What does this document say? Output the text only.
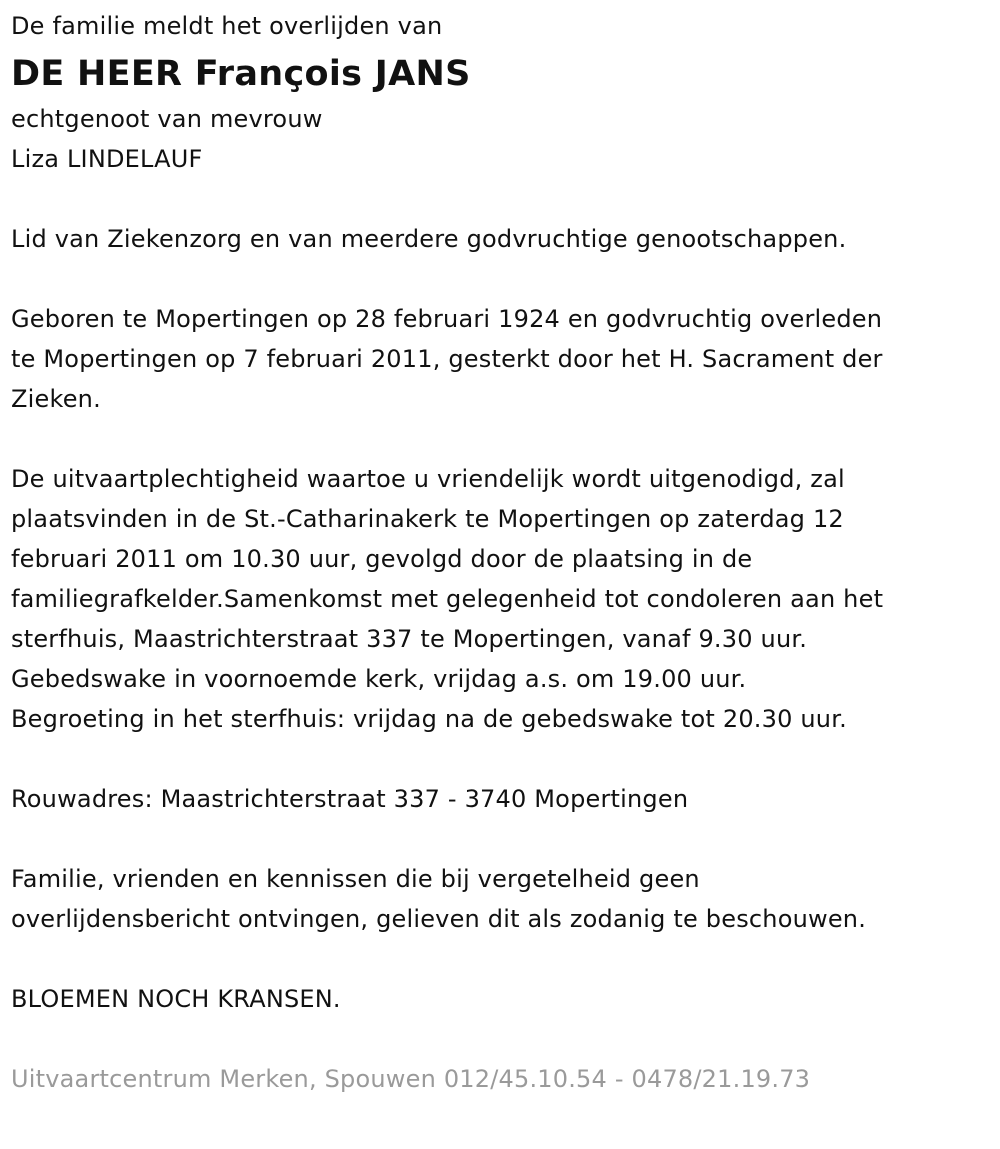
De familie meldt het overlijden van

DE HEER François JANS

echtgenoot van mevrouw

Liza LINDELAUF

Lid van Ziekenzorg en van meerdere godvruchtige genootschappen.

Geboren te Mopertingen op 28 februari 1924 en godvruchtig overleden

te Mopertingen op 7 februari 2011, gesterkt door het H. Sacrament der

Zieken.

De uitvaartplechtigheid waartoe u vriendelijk wordt uitgenodigd, zal

plaatsvinden in de St.-Catharinakerk te Mopertingen op zaterdag 12

februari 2011 om 10.30 uur, gevolgd door de plaatsing in de

familiegrafkelder.Samenkomst met gelegenheid tot condoleren aan het

sterfhuis, Maastrichterstraat 337 te Mopertingen, vanaf 9.30 uur.

Gebedswake in voornoemde kerk, vrijdag a.s. om 19.00 uur.

Begroeting in het sterfhuis: vrijdag na de gebedswake tot 20.30 uur.

Rouwadres: Maastrichterstraat 337 - 3740 Mopertingen

Familie, vrienden en kennissen die bij vergetelheid geen

overlijdensbericht ontvingen, gelieven dit als zodanig te beschouwen.

BLOEMEN NOCH KRANSEN.

Uitvaartcentrum Merken, Spouwen 012/45.10.54 - 0478/21.19.73
